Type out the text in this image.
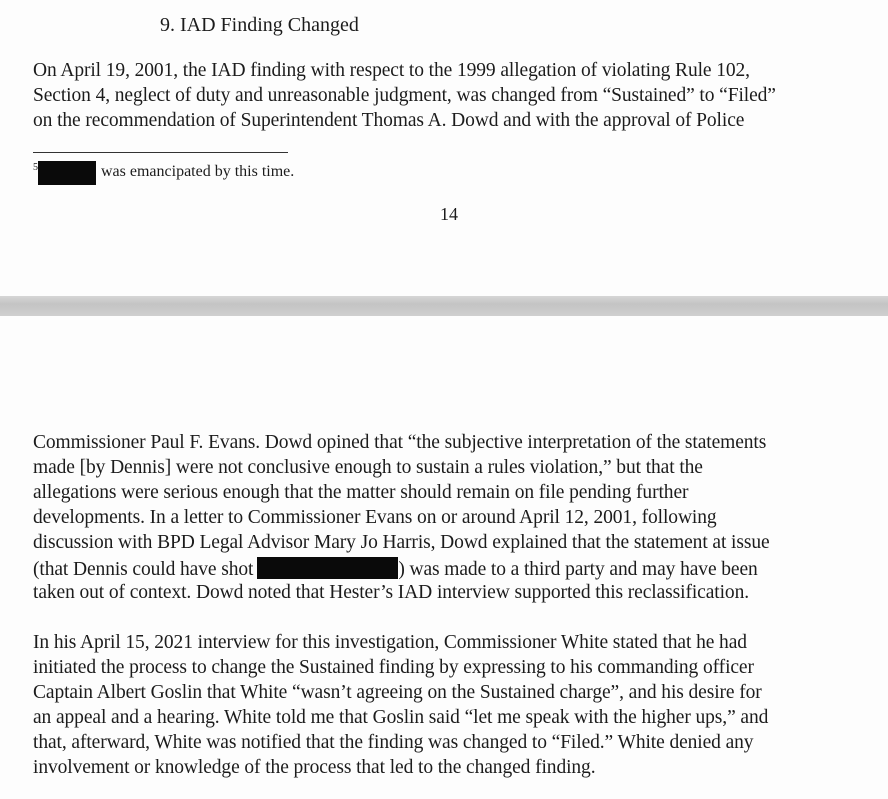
9. IAD Finding Changed
On April 19, 2001, the IAD finding with respect to the 1999 allegation of violating Rule 102,
Section 4, neglect of duty and unreasonable judgment, was changed from “Sustained” to “Filed”
on the recommendation of Superintendent Thomas A. Dowd and with the approval of Police
5	was emancipated by this time.
14
Commissioner Paul F. Evans. Dowd opined that “the subjective interpretation of the statements
made [by Dennis] were not conclusive enough to sustain a rules violation,” but that the
allegations were serious enough that the matter should remain on file pending further
developments. In a letter to Commissioner Evans on or around April 12, 2001, following
discussion with BPD Legal Advisor Mary Jo Harris, Dowd explained that the statement at issue
(that Dennis could have shot	) was made to a third party and may have been
taken out of context. Dowd noted that Hester’s IAD interview supported this reclassification.
In his April 15, 2021 interview for this investigation, Commissioner White stated that he had
initiated the process to change the Sustained finding by expressing to his commanding officer
Captain Albert Goslin that White “wasn’t agreeing on the Sustained charge”, and his desire for
an appeal and a hearing. White told me that Goslin said “let me speak with the higher ups,” and
that, afterward, White was notified that the finding was changed to “Filed.” White denied any
involvement or knowledge of the process that led to the changed finding.
